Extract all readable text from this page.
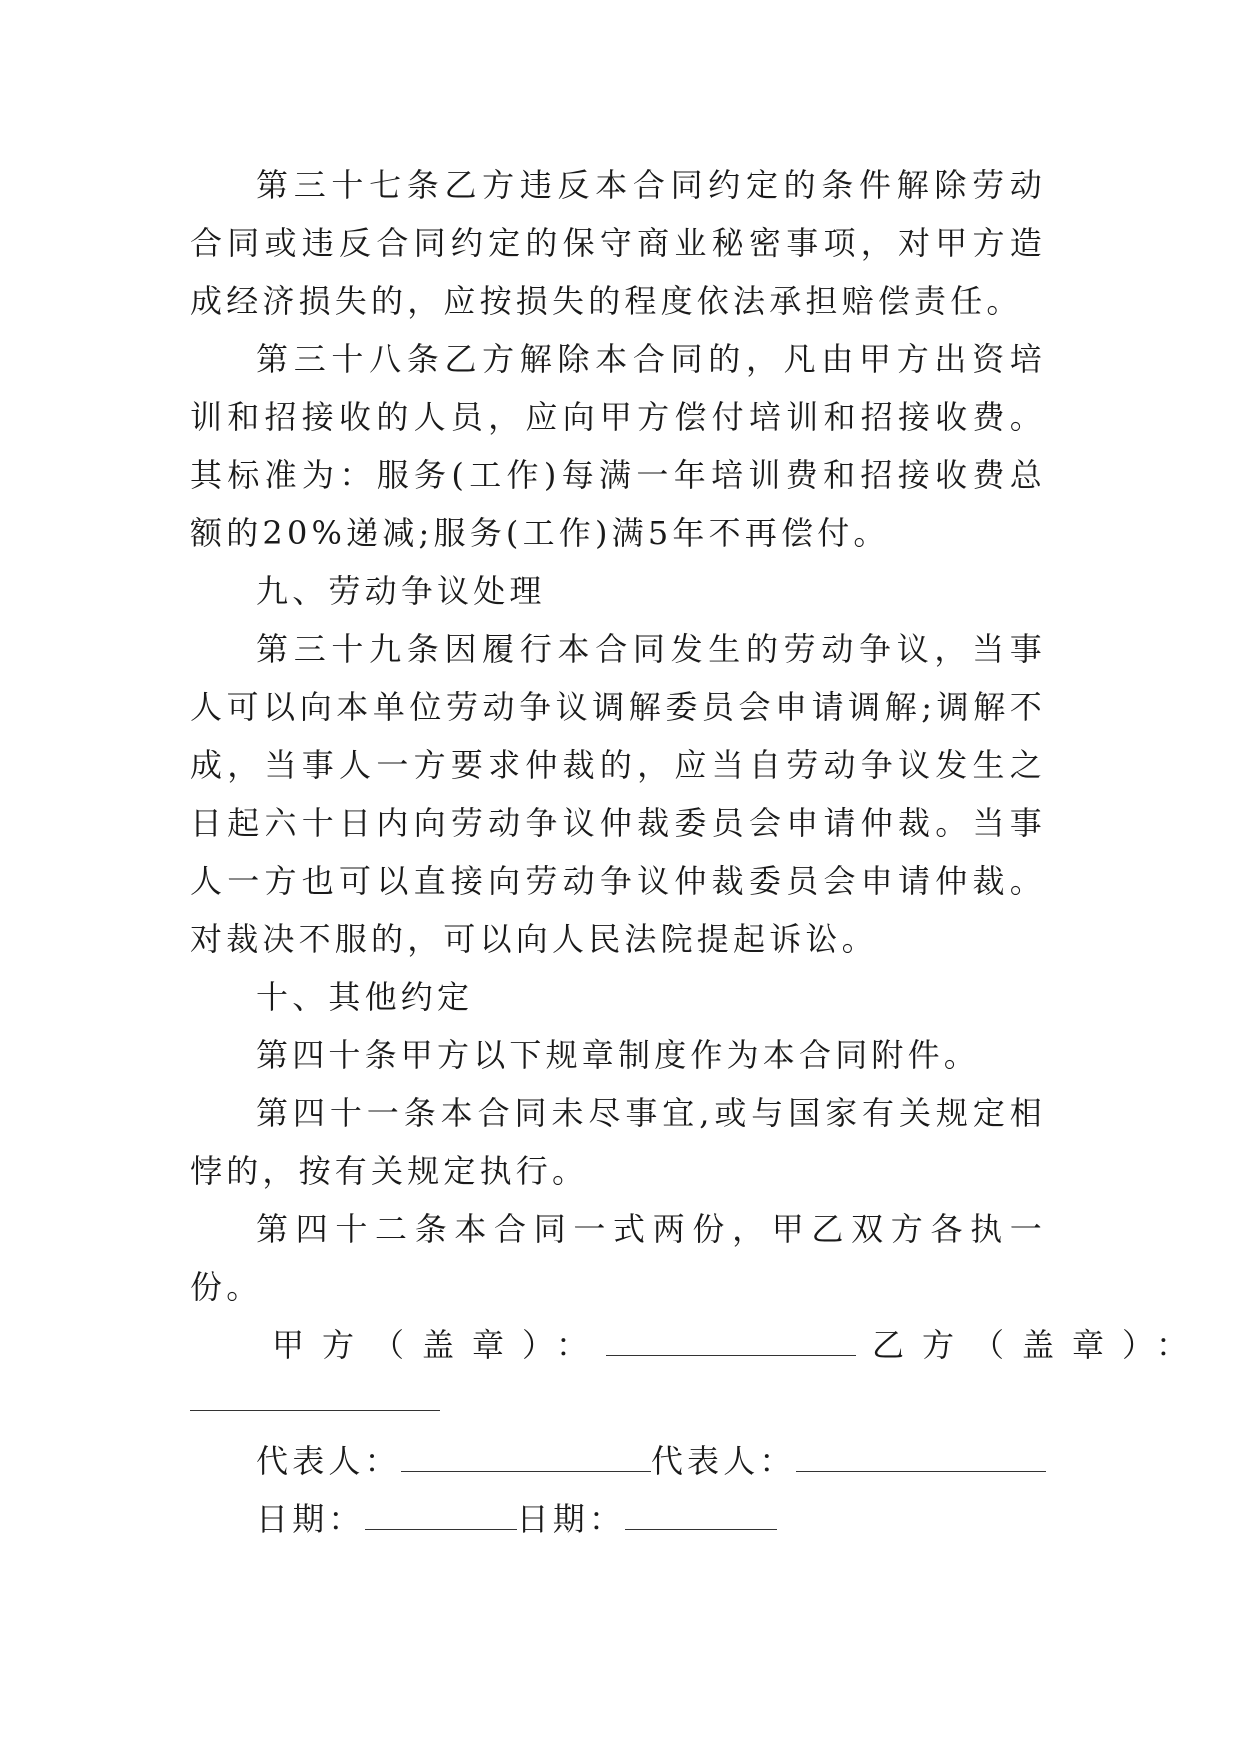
第三十七条乙方违反本合同约定的条件解除劳动合同或违反合同约定的保守商业秘密事项，对甲方造成经济损失的，应按损失的程度依法承担赔偿责任。

第三十八条乙方解除本合同的，凡由甲方出资培训和招接收的人员，应向甲方偿付培训和招接收费。其标准为：服务(工作)每满一年培训费和招接收费总额的20%递减;服务(工作)满5年不再偿付。

九、劳动争议处理

第三十九条因履行本合同发生的劳动争议，当事人可以向本单位劳动争议调解委员会申请调解;调解不成，当事人一方要求仲裁的，应当自劳动争议发生之日起六十日内向劳动争议仲裁委员会申请仲裁。当事人一方也可以直接向劳动争议仲裁委员会申请仲裁。对裁决不服的，可以向人民法院提起诉讼。

十、其他约定

第四十条甲方以下规章制度作为本合同附件。

第四十一条本合同未尽事宜,或与国家有关规定相悖的，按有关规定执行。

第四十二条本合同一式两份，甲乙双方各执一份。

甲方（盖章）：	乙方（盖章）：
代表人：	代表人：
日期：	日期：
